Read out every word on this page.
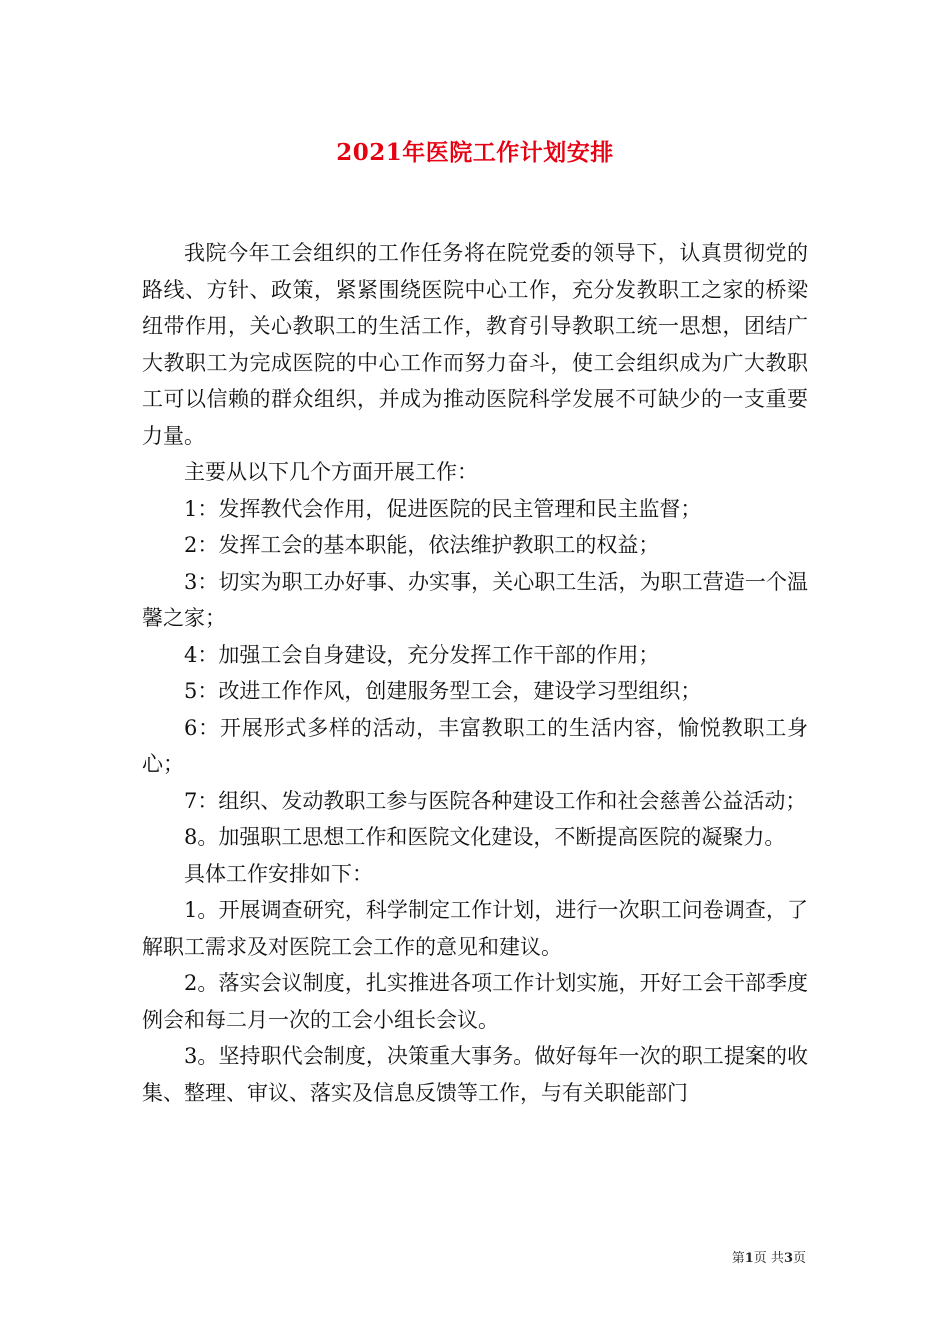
2021年医院工作计划安排

我院今年工会组织的工作任务将在院党委的领导下，认真贯彻党的路线、方针、政策，紧紧围绕医院中心工作，充分发教职工之家的桥梁纽带作用，关心教职工的生活工作，教育引导教职工统一思想，团结广大教职工为完成医院的中心工作而努力奋斗，使工会组织成为广大教职工可以信赖的群众组织，并成为推动医院科学发展不可缺少的一支重要力量。

主要从以下几个方面开展工作：

1：发挥教代会作用，促进医院的民主管理和民主监督；

2：发挥工会的基本职能，依法维护教职工的权益；

3：切实为职工办好事、办实事，关心职工生活，为职工营造一个温馨之家；

4：加强工会自身建设，充分发挥工作干部的作用；

5：改进工作作风，创建服务型工会，建设学习型组织；

6：开展形式多样的活动，丰富教职工的生活内容，愉悦教职工身心；

7：组织、发动教职工参与医院各种建设工作和社会慈善公益活动；

8。加强职工思想工作和医院文化建设，不断提高医院的凝聚力。

具体工作安排如下：

1。开展调查研究，科学制定工作计划，进行一次职工问卷调查，了解职工需求及对医院工会工作的意见和建议。

2。落实会议制度，扎实推进各项工作计划实施，开好工会干部季度例会和每二月一次的工会小组长会议。

3。坚持职代会制度，决策重大事务。做好每年一次的职工提案的收集、整理、审议、落实及信息反馈等工作，与有关职能部门

第1页 共3页
